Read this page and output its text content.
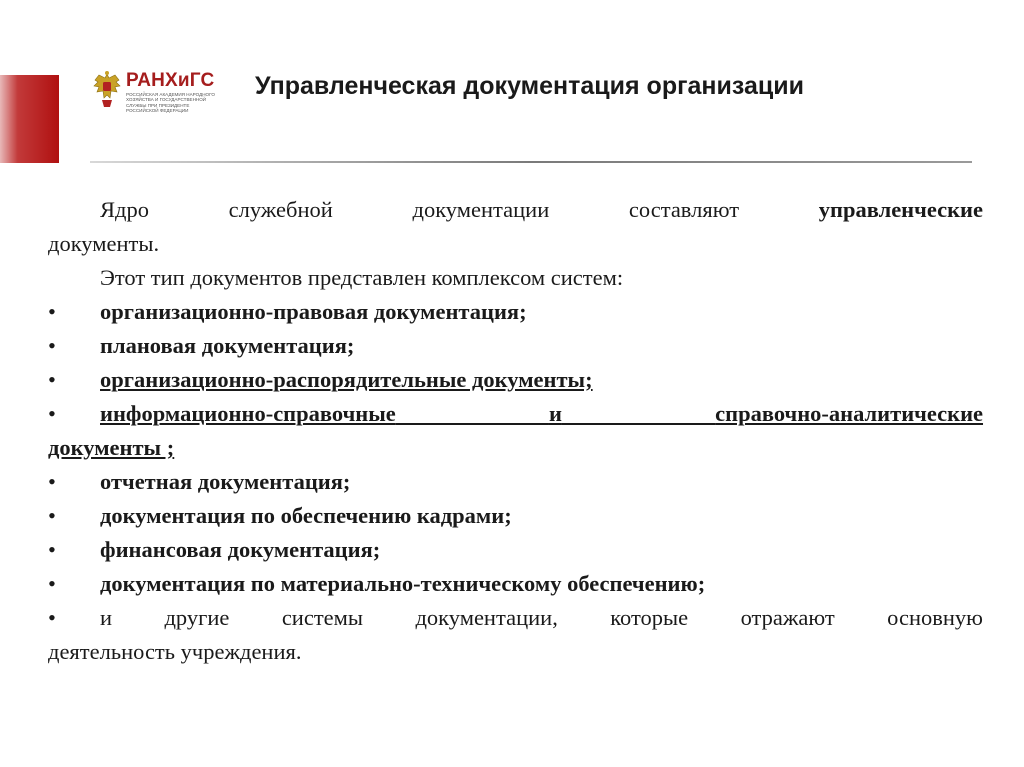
РАНХиГС
РОССИЙСКАЯ АКАДЕМИЯ НАРОДНОГО ХОЗЯЙСТВА И ГОСУДАРСТВЕННОЙ СЛУЖБЫ ПРИ ПРЕЗИДЕНТЕ РОССИЙСКОЙ ФЕДЕРАЦИИ
Управленческая документация организации
Ядро	служебной	документации	составляют	управленческие
документы.
Этот тип документов представлен комплексом систем:
•	организационно-правовая документация;
•	плановая документация;
•	организационно-распорядительные документы;
•	информационно-справочные	и	справочно-аналитические
документы ;
•	отчетная документация;
•	документация по обеспечению кадрами;
•	финансовая документация;
•	документация по материально-техническому обеспечению;
•	и другие системы документации, которые отражают основную
деятельность учреждения.
